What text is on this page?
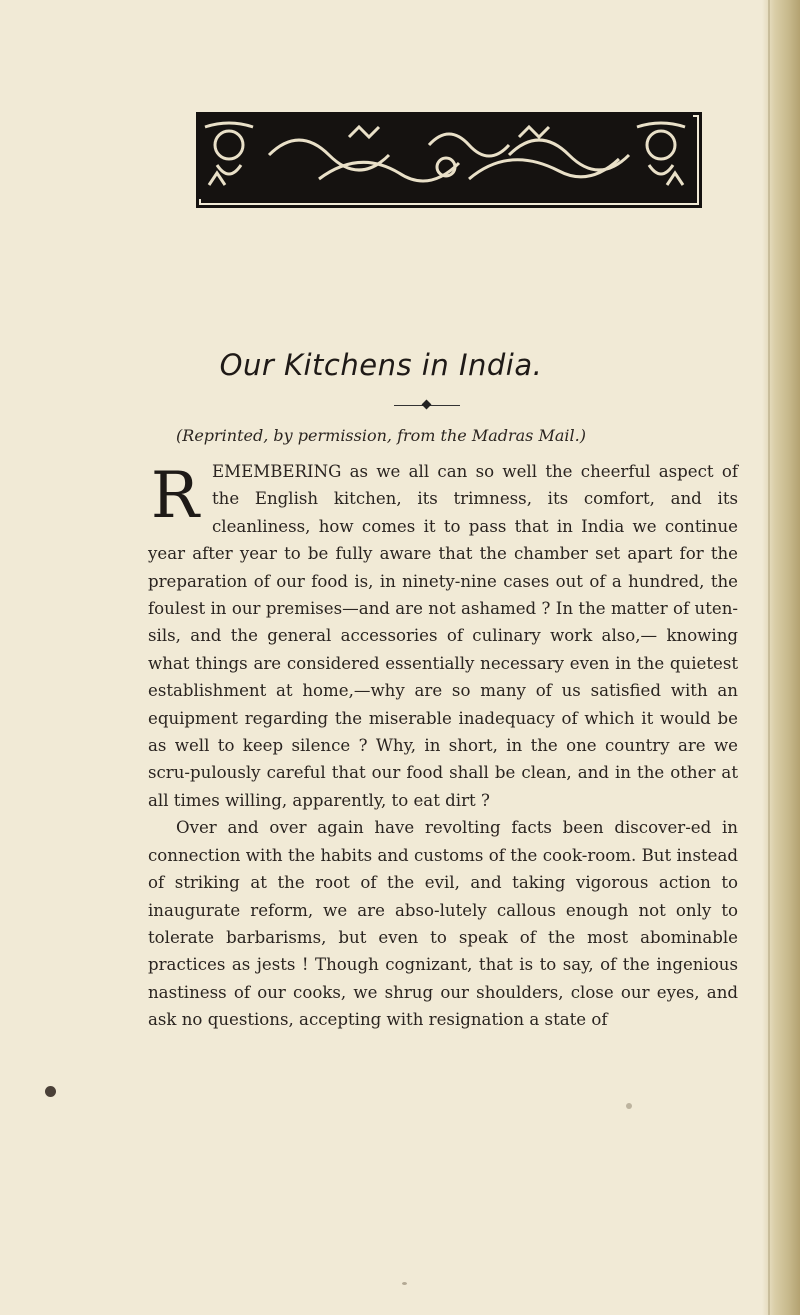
Our Kitchens in India.
(Reprinted, by permission, from the Madras Mail.)

REMEMBERING as we all can so well the cheerful aspect of the English kitchen, its trimness, its comfort, and its cleanliness, how comes it to pass that in India we continue year after year to be fully aware that the chamber set apart for the preparation of our food is, in ninety-nine cases out of a hundred, the foulest in our premises—and are not ashamed ? In the matter of uten-sils, and the general accessories of culinary work also,— knowing what things are considered essentially necessary even in the quietest establishment at home,—why are so many of us satisfied with an equipment regarding the miserable inadequacy of which it would be as well to keep silence ? Why, in short, in the one country are we scru-pulously careful that our food shall be clean, and in the other at all times willing, apparently, to eat dirt ?

Over and over again have revolting facts been discover-ed in connection with the habits and customs of the cook-room. But instead of striking at the root of the evil, and taking vigorous action to inaugurate reform, we are abso-lutely callous enough not only to tolerate barbarisms, but even to speak of the most abominable practices as jests ! Though cognizant, that is to say, of the ingenious nastiness of our cooks, we shrug our shoulders, close our eyes, and ask no questions, accepting with resignation a state of
